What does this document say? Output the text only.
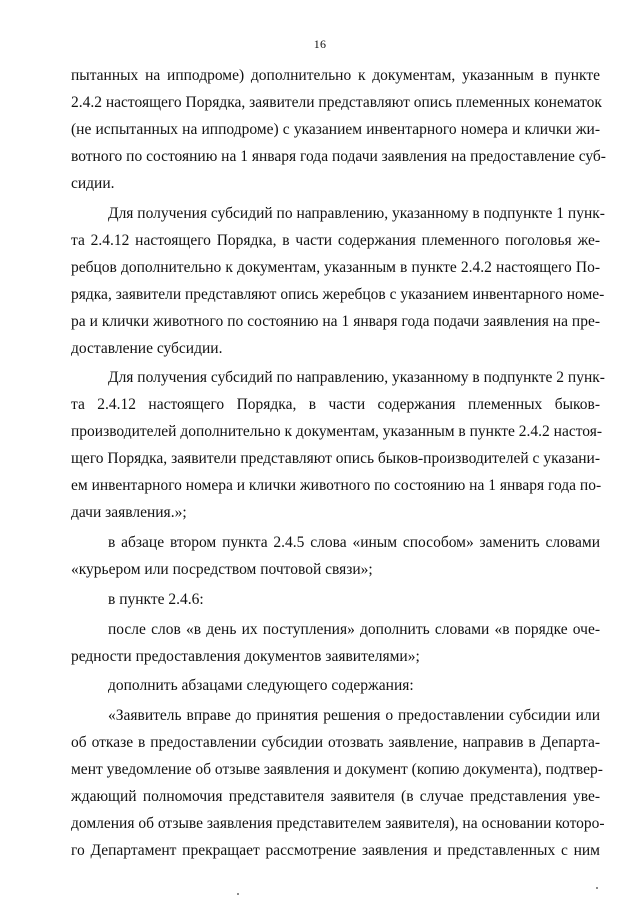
16
пытанных на ипподроме) дополнительно к документам, указанным в пункте
2.4.2 настоящего Порядка, заявители представляют опись племенных конематок
(не испытанных на ипподроме) с указанием инвентарного номера и клички жи-
вотного по состоянию на 1 января года подачи заявления на предоставление суб-
сидии.
Для получения субсидий по направлению, указанному в подпункте 1 пунк-
та 2.4.12 настоящего Порядка, в части содержания племенного поголовья же-
ребцов дополнительно к документам, указанным в пункте 2.4.2 настоящего По-
рядка, заявители представляют опись жеребцов с указанием инвентарного номе-
ра и клички животного по состоянию на 1 января года подачи заявления на пре-
доставление субсидии.
Для получения субсидий по направлению, указанному в подпункте 2 пунк-
та 2.4.12 настоящего Порядка, в части содержания племенных быков-
производителей дополнительно к документам, указанным в пункте 2.4.2 настоя-
щего Порядка, заявители представляют опись быков-производителей с указани-
ем инвентарного номера и клички животного по состоянию на 1 января года по-
дачи заявления.»;
в абзаце втором пункта 2.4.5 слова «иным способом» заменить словами
«курьером или посредством почтовой связи»;
в пункте 2.4.6:
после слов «в день их поступления» дополнить словами «в порядке оче-
редности предоставления документов заявителями»;
дополнить абзацами следующего содержания:
«Заявитель вправе до принятия решения о предоставлении субсидии или
об отказе в предоставлении субсидии отозвать заявление, направив в Департа-
мент уведомление об отзыве заявления и документ (копию документа), подтвер-
ждающий полномочия представителя заявителя (в случае представления уве-
домления об отзыве заявления представителем заявителя), на основании которо-
го Департамент прекращает рассмотрение заявления и представленных с ним
